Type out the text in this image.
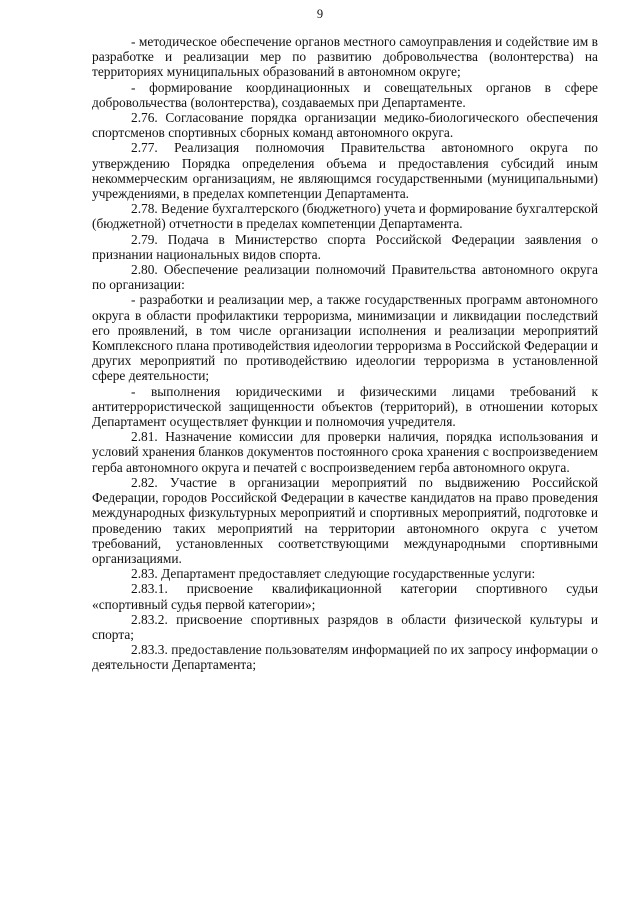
9

- методическое обеспечение органов местного самоуправления и содействие им в разработке и реализации мер по развитию добровольчества (волонтерства) на территориях муниципальных образований в автономном округе;

- формирование координационных и совещательных органов в сфере добровольчества (волонтерства), создаваемых при Департаменте.

2.76. Согласование порядка организации медико-биологического обеспечения спортсменов спортивных сборных команд автономного округа.

2.77. Реализация полномочия Правительства автономного округа по утверждению Порядка определения объема и предоставления субсидий иным некоммерческим организациям, не являющимся государственными (муниципальными) учреждениями, в пределах компетенции Департамента.

2.78. Ведение бухгалтерского (бюджетного) учета и формирование бухгалтерской (бюджетной) отчетности в пределах компетенции Департамента.

2.79. Подача в Министерство спорта Российской Федерации заявления о признании национальных видов спорта.

2.80. Обеспечение реализации полномочий Правительства автономного округа по организации:

- разработки и реализации мер, а также государственных программ автономного округа в области профилактики терроризма, минимизации и ликвидации последствий его проявлений, в том числе организации исполнения и реализации мероприятий Комплексного плана противодействия идеологии терроризма в Российской Федерации и других мероприятий по противодействию идеологии терроризма в установленной сфере деятельности;

- выполнения юридическими и физическими лицами требований к антитеррористической защищенности объектов (территорий), в отношении которых Департамент осуществляет функции и полномочия учредителя.

2.81. Назначение комиссии для проверки наличия, порядка использования и условий хранения бланков документов постоянного срока хранения с воспроизведением герба автономного округа и печатей с воспроизведением герба автономного округа.

2.82. Участие в организации мероприятий по выдвижению Российской Федерации, городов Российской Федерации в качестве кандидатов на право проведения международных физкультурных мероприятий и спортивных мероприятий, подготовке и проведению таких мероприятий на территории автономного округа с учетом требований, установленных соответствующими международными спортивными организациями.

2.83. Департамент предоставляет следующие государственные услуги:

2.83.1. присвоение квалификационной категории спортивного судьи «спортивный судья первой категории»;

2.83.2. присвоение спортивных разрядов в области физической культуры и спорта;

2.83.3. предоставление пользователям информацией по их запросу информации о деятельности Департамента;
